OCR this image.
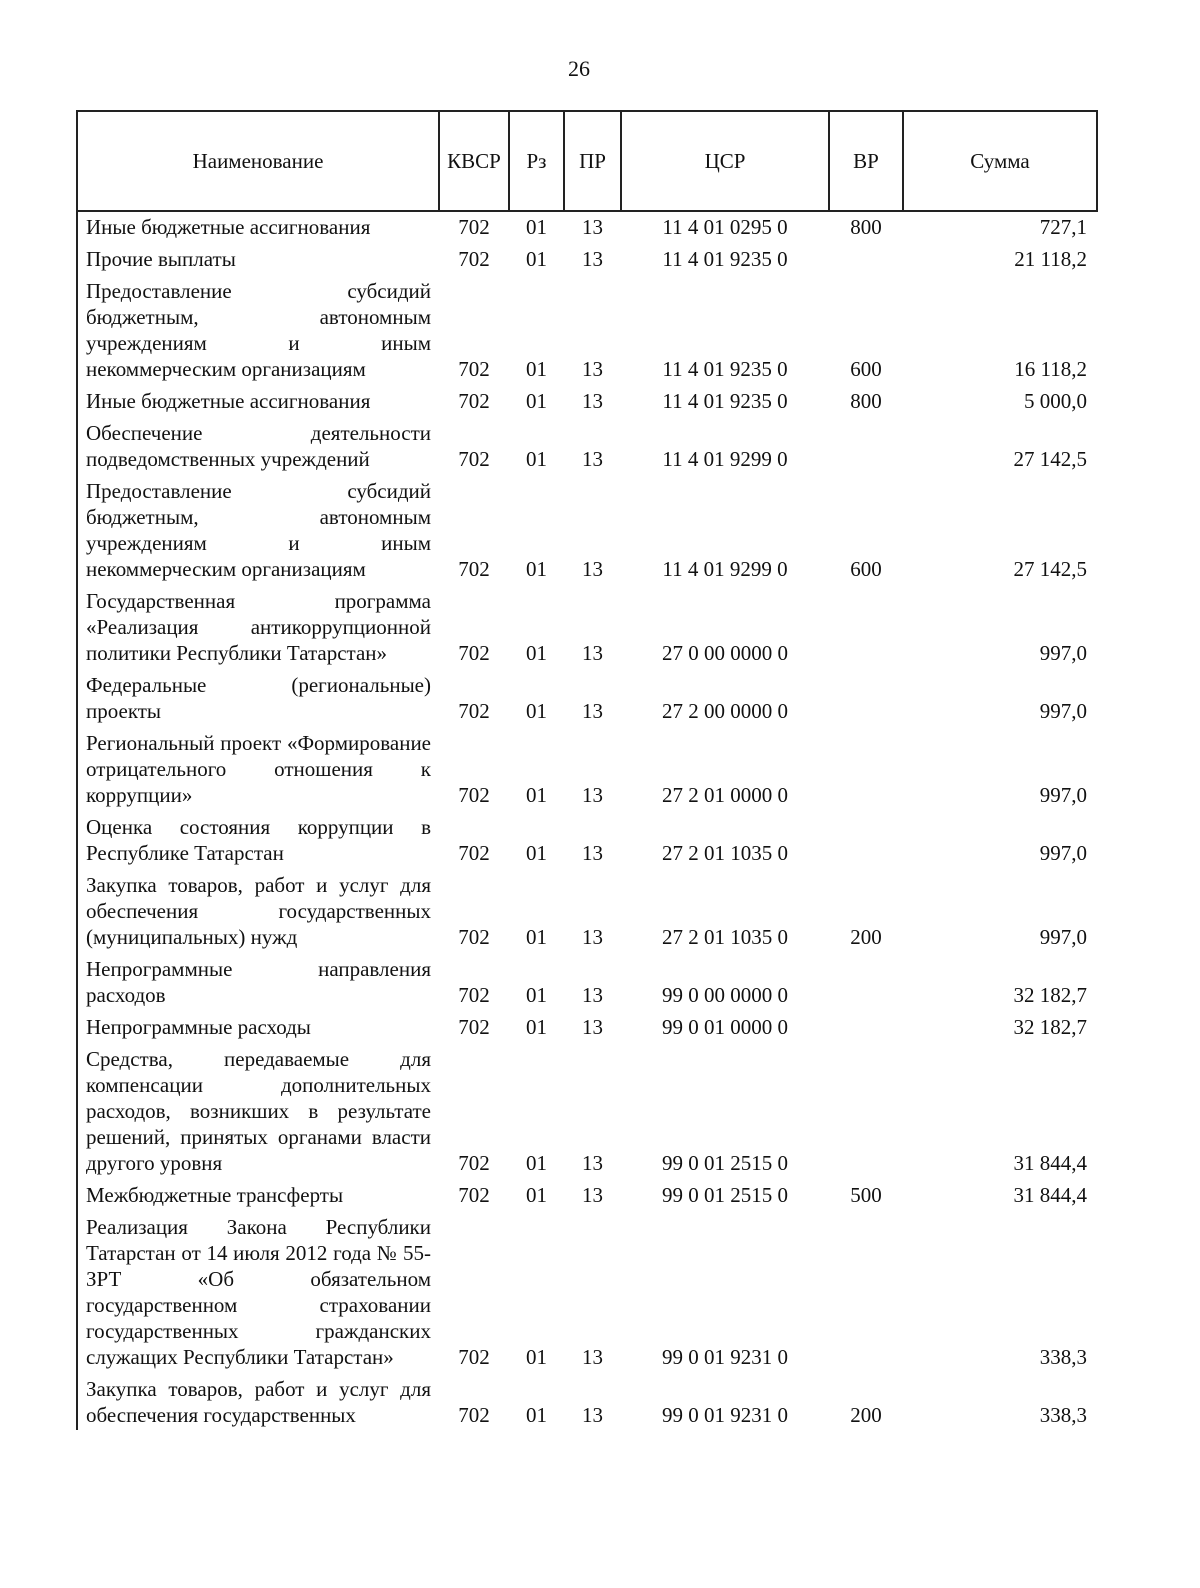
26
Наименование	КВСР	Рз	ПР	ЦСР	ВР	Сумма
Иные бюджетные ассигнования	702	01	13	11 4 01 0295 0	800	727,1
Прочие выплаты	702	01	13	11 4 01 9235 0		21 118,2
Предоставление субсидий бюджетным, автономным учреждениям и иным некоммерческим организациям	702	01	13	11 4 01 9235 0	600	16 118,2
Иные бюджетные ассигнования	702	01	13	11 4 01 9235 0	800	5 000,0
Обеспечение деятельности подведомственных учреждений	702	01	13	11 4 01 9299 0		27 142,5
Предоставление субсидий бюджетным, автономным учреждениям и иным некоммерческим организациям	702	01	13	11 4 01 9299 0	600	27 142,5
Государственная программа «Реализация антикоррупционной политики Республики Татарстан»	702	01	13	27 0 00 0000 0		997,0
Федеральные (региональные) проекты	702	01	13	27 2 00 0000 0		997,0
Региональный проект «Формирование отрицательного отношения к коррупции»	702	01	13	27 2 01 0000 0		997,0
Оценка состояния коррупции в Республике Татарстан	702	01	13	27 2 01 1035 0		997,0
Закупка товаров, работ и услуг для обеспечения государственных (муниципальных) нужд	702	01	13	27 2 01 1035 0	200	997,0
Непрограммные направления расходов	702	01	13	99 0 00 0000 0		32 182,7
Непрограммные расходы	702	01	13	99 0 01 0000 0		32 182,7
Средства, передаваемые для компенсации дополнительных расходов, возникших в результате решений, принятых органами власти другого уровня	702	01	13	99 0 01 2515 0		31 844,4
Межбюджетные трансферты	702	01	13	99 0 01 2515 0	500	31 844,4
Реализация Закона Республики Татарстан от 14 июля 2012 года № 55-ЗРТ «Об обязательном государственном страховании государственных гражданских служащих Республики Татарстан»	702	01	13	99 0 01 9231 0		338,3
Закупка товаров, работ и услуг для обеспечения государственных	702	01	13	99 0 01 9231 0	200	338,3
